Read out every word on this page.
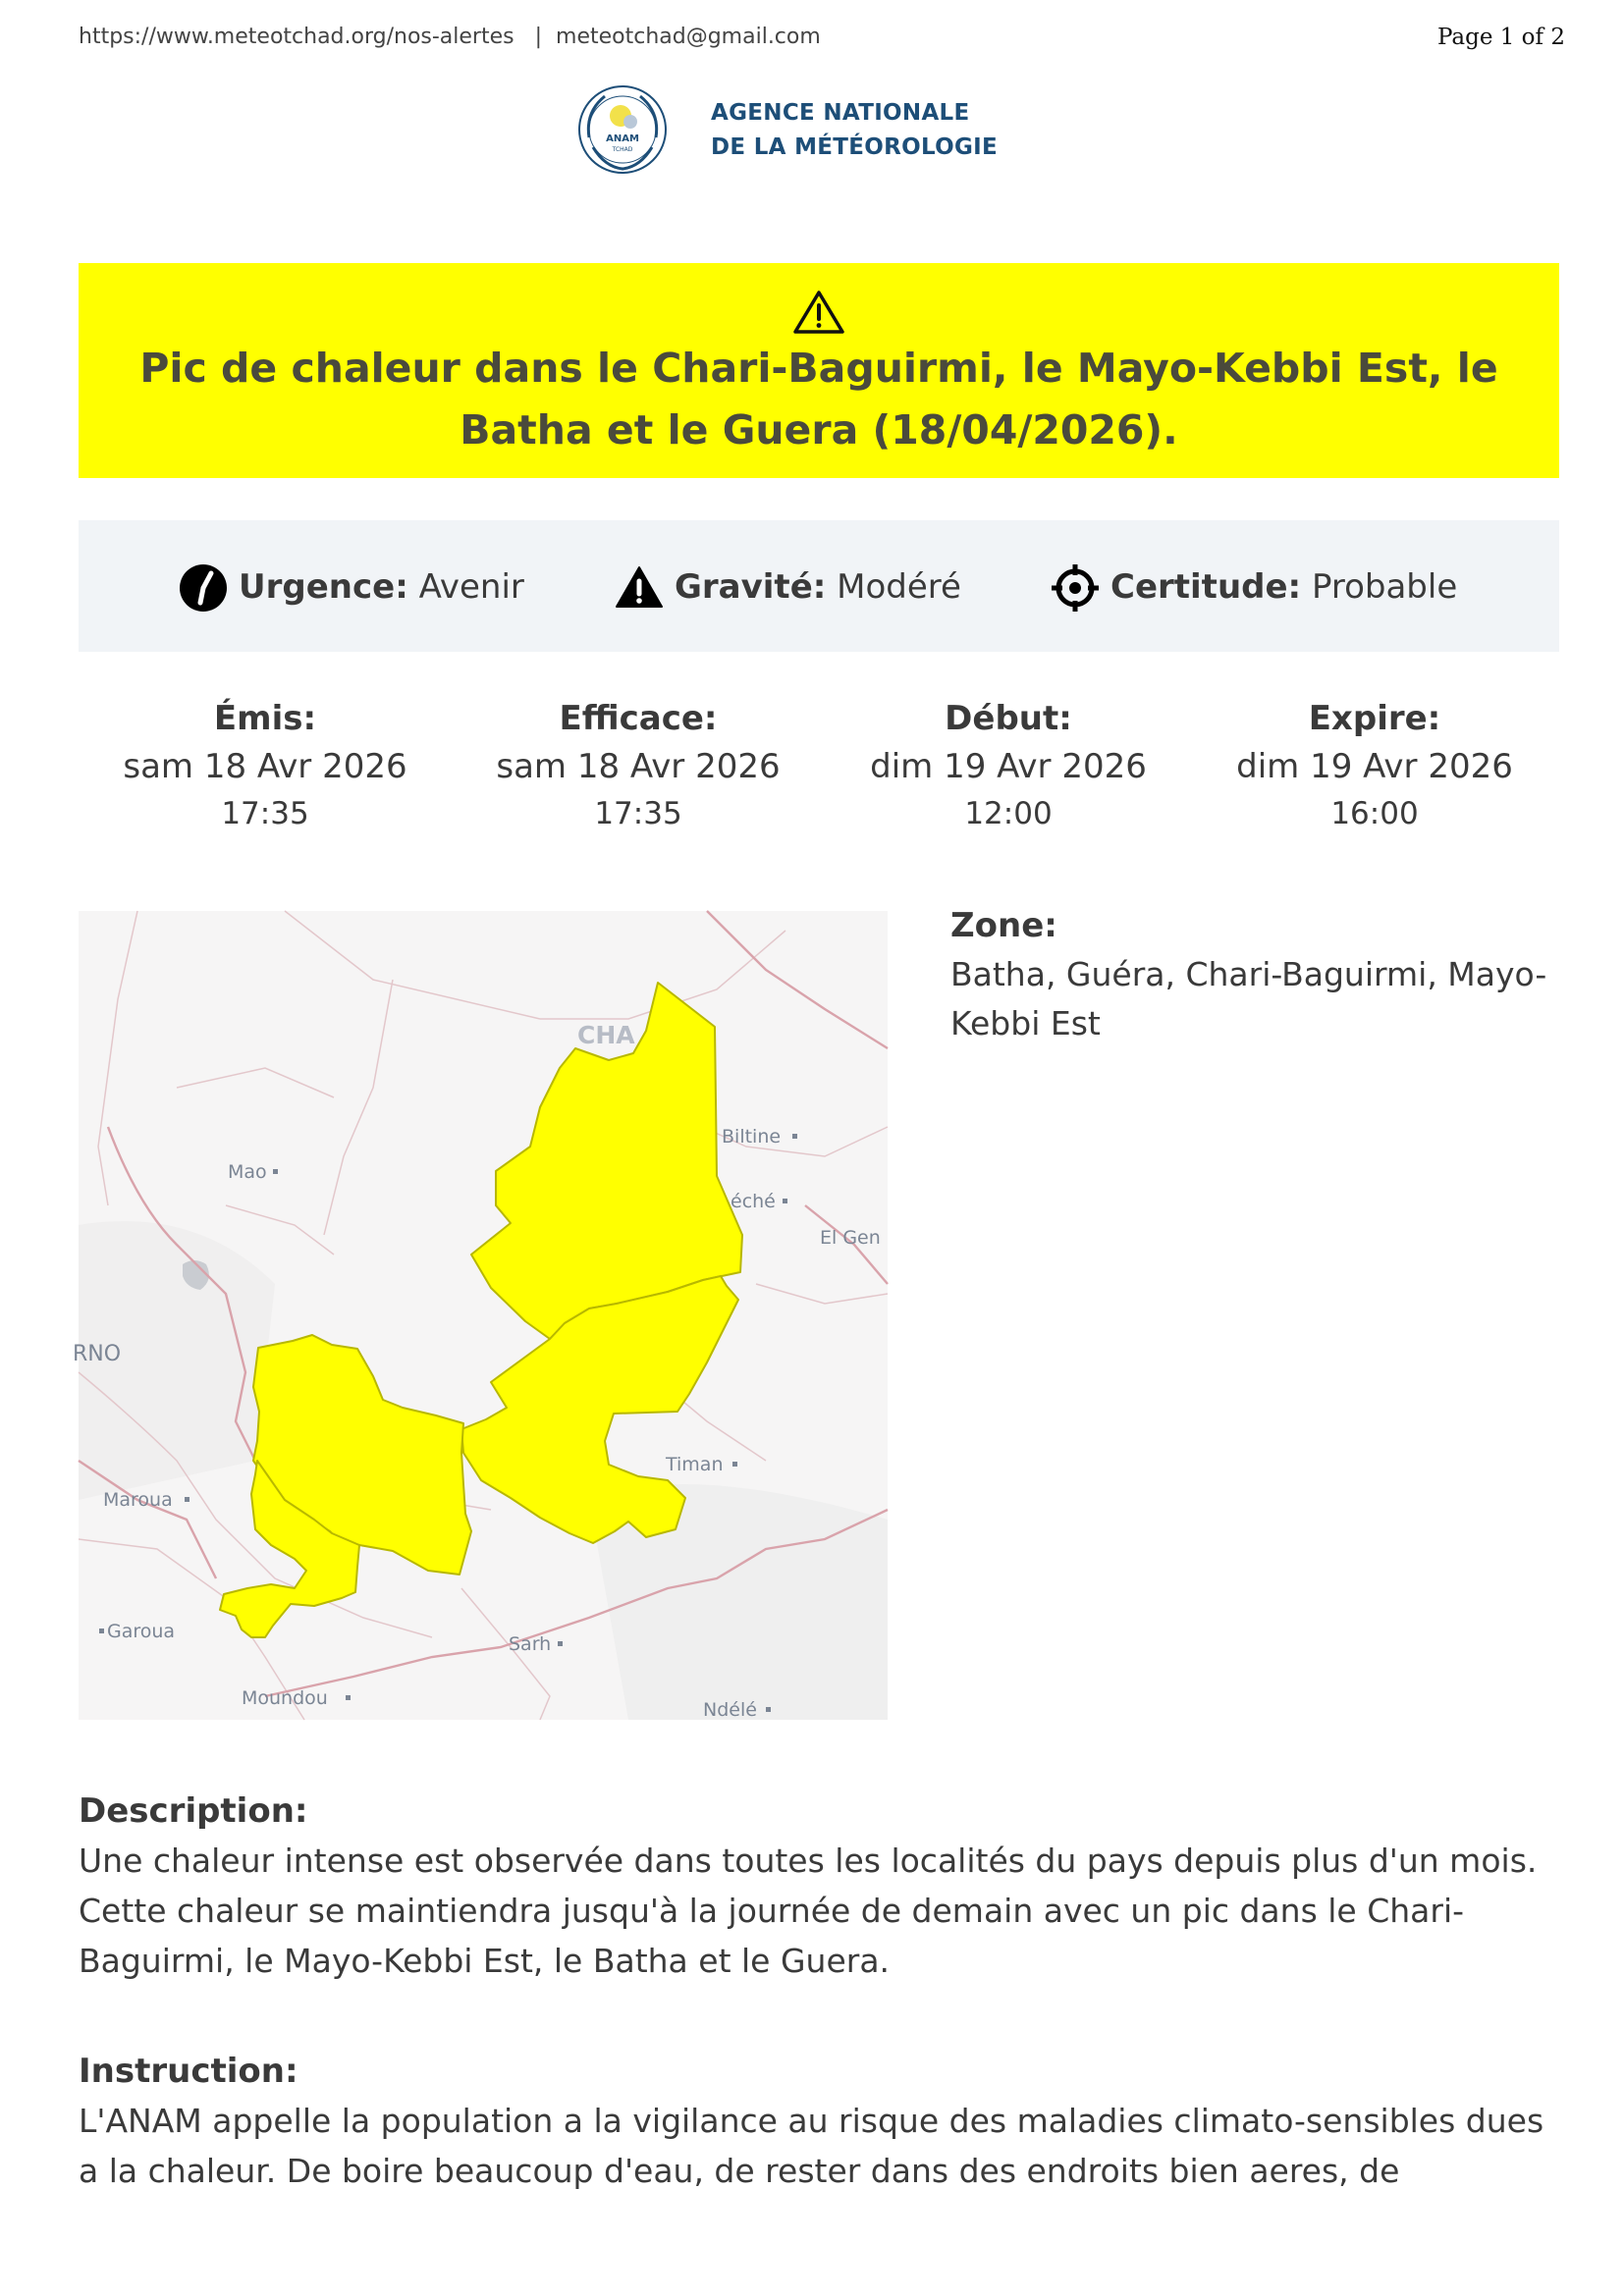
https://www.meteotchad.org/nos-alertes   |  meteotchad@gmail.com	Page 1 of 2
ANAM
TCHAD
AGENCE NATIONALE
DE LA MÉTÉOROLOGIE
Pic de chaleur dans le Chari-Baguirmi, le Mayo-Kebbi Est, le Batha et le Guera (18/04/2026).
Urgence: Avenir	Gravité: Modéré	Certitude: Probable
Émis:
sam 18 Avr 2026
17:35
Efficace:
sam 18 Avr 2026
17:35
Début:
dim 19 Avr 2026
12:00
Expire:
dim 19 Avr 2026
16:00
CHA
Biltine
éché
El Gen
Mao
RNO
Timan
Maroua
Garoua
Sarh
Moundou
Ndélé
Zone:
Batha, Guéra, Chari-Baguirmi, Mayo-Kebbi Est
Description:
Une chaleur intense est observée dans toutes les localités du pays depuis plus d'un mois. Cette chaleur se maintiendra jusqu'à la journée de demain avec un pic dans le Chari-Baguirmi, le Mayo-Kebbi Est, le Batha et le Guera.
Instruction:
L'ANAM appelle la population a la vigilance au risque des maladies climato-sensibles dues a la chaleur. De boire beaucoup d'eau, de rester dans des endroits bien aeres, de
